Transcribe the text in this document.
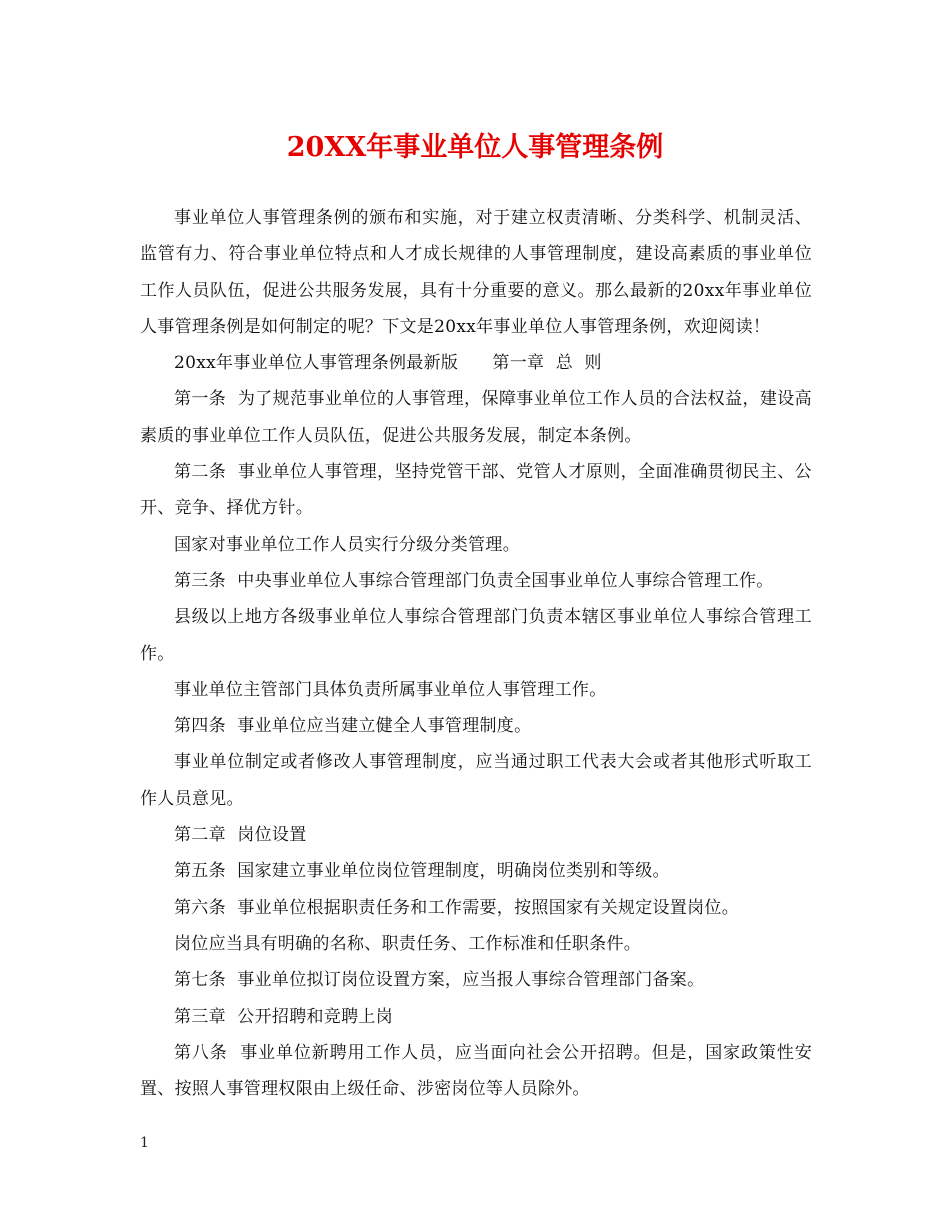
20XX年事业单位人事管理条例

事业单位人事管理条例的颁布和实施，对于建立权责清晰、分类科学、机制灵活、监管有力、符合事业单位特点和人才成长规律的人事管理制度，建设高素质的事业单位工作人员队伍，促进公共服务发展，具有十分重要的意义。那么最新的20xx年事业单位人事管理条例是如何制定的呢？下文是20xx年事业单位人事管理条例，欢迎阅读！

20xx年事业单位人事管理条例最新版      第一章  总  则

第一条  为了规范事业单位的人事管理，保障事业单位工作人员的合法权益，建设高素质的事业单位工作人员队伍，促进公共服务发展，制定本条例。

第二条  事业单位人事管理，坚持党管干部、党管人才原则，全面准确贯彻民主、公开、竞争、择优方针。

国家对事业单位工作人员实行分级分类管理。

第三条  中央事业单位人事综合管理部门负责全国事业单位人事综合管理工作。

县级以上地方各级事业单位人事综合管理部门负责本辖区事业单位人事综合管理工作。

事业单位主管部门具体负责所属事业单位人事管理工作。

第四条  事业单位应当建立健全人事管理制度。

事业单位制定或者修改人事管理制度，应当通过职工代表大会或者其他形式听取工作人员意见。

第二章  岗位设置

第五条  国家建立事业单位岗位管理制度，明确岗位类别和等级。

第六条  事业单位根据职责任务和工作需要，按照国家有关规定设置岗位。

岗位应当具有明确的名称、职责任务、工作标准和任职条件。

第七条  事业单位拟订岗位设置方案，应当报人事综合管理部门备案。

第三章  公开招聘和竞聘上岗

第八条  事业单位新聘用工作人员，应当面向社会公开招聘。但是，国家政策性安置、按照人事管理权限由上级任命、涉密岗位等人员除外。

1
